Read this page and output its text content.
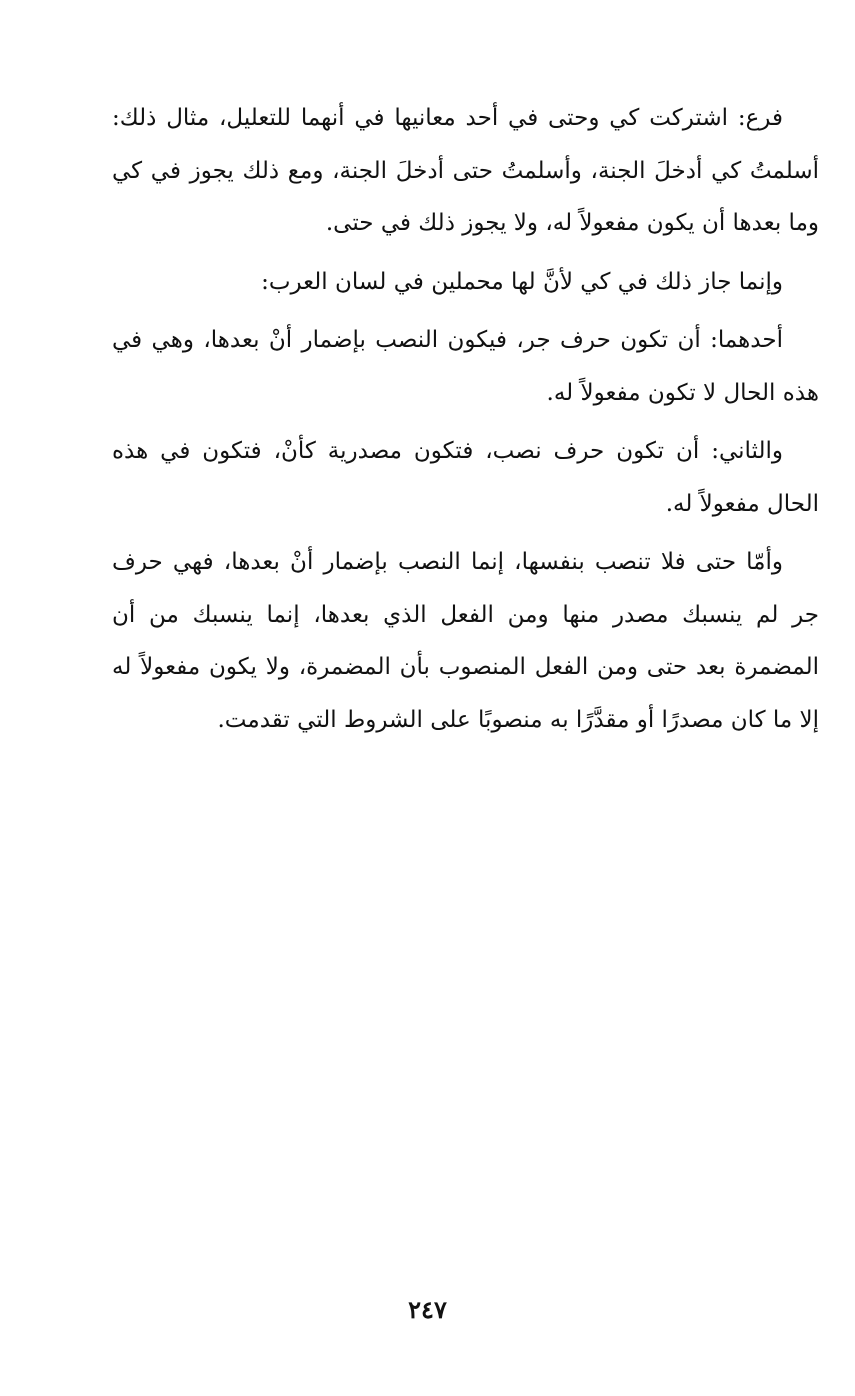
فرع: اشتركت كي وحتى في أحد معانيها في أنهما للتعليل، مثال ذلك: أسلمتُ كي أدخلَ الجنة، وأسلمتُ حتى أدخلَ الجنة، ومع ذلك يجوز في كي وما بعدها أن يكون مفعولاً له، ولا يجوز ذلك في حتى.

وإنما جاز ذلك في كي لأنَّ لها محملين في لسان العرب:

أحدهما: أن تكون حرف جر، فيكون النصب بإضمار أنْ بعدها، وهي في هذه الحال لا تكون مفعولاً له.

والثاني: أن تكون حرف نصب، فتكون مصدرية كأنْ، فتكون في هذه الحال مفعولاً له.

وأمّا حتى فلا تنصب بنفسها، إنما النصب بإضمار أنْ بعدها، فهي حرف جر لم ينسبك مصدر منها ومن الفعل الذي بعدها، إنما ينسبك من أن المضمرة بعد حتى ومن الفعل المنصوب بأن المضمرة، ولا يكون مفعولاً له إلا ما كان مصدرًا أو مقدَّرًا به منصوبًا على الشروط التي تقدمت.

٢٤٧
